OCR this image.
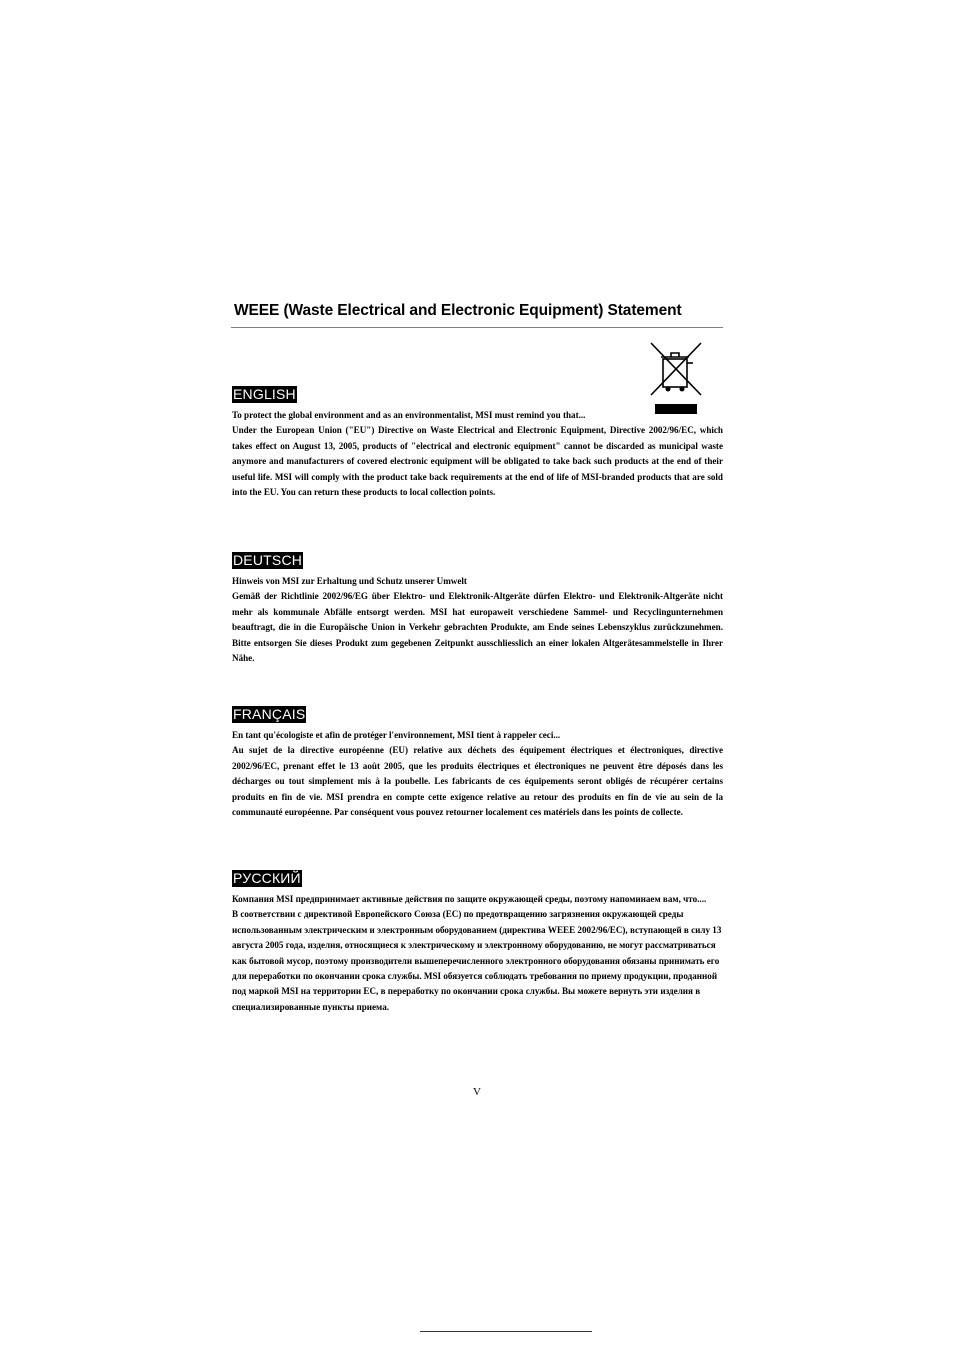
WEEE (Waste Electrical and Electronic Equipment) Statement
ENGLISH

To protect the global environment and as an environmentalist, MSI must remind you that...

Under the European Union ("EU") Directive on Waste Electrical and Electronic Equipment, Directive 2002/96/EC, which takes effect on August 13, 2005, products of "electrical and electronic equipment" cannot be discarded as municipal waste anymore and manufacturers of covered electronic equipment will be obligated to take back such products at the end of their useful life. MSI will comply with the product take back requirements at the end of life of MSI-branded products that are sold into the EU. You can return these products to local collection points.

DEUTSCH

Hinweis von MSI zur Erhaltung und Schutz unserer Umwelt

Gemäß der Richtlinie 2002/96/EG über Elektro- und Elektronik-Altgeräte dürfen Elektro- und Elektronik-Altgeräte nicht mehr als kommunale Abfälle entsorgt werden. MSI hat europaweit verschiedene Sammel- und Recyclingunternehmen beauftragt, die in die Europäische Union in Verkehr gebrachten Produkte, am Ende seines Lebenszyklus zurückzunehmen. Bitte entsorgen Sie dieses Produkt zum gegebenen Zeitpunkt ausschliesslich an einer lokalen Altgerätesammelstelle in Ihrer Nähe.

FRANÇAIS

En tant qu'écologiste et afin de protéger l'environnement, MSI tient à rappeler ceci...

Au sujet de la directive européenne (EU) relative aux déchets des équipement électriques et électroniques, directive 2002/96/EC, prenant effet le 13 août 2005, que les produits électriques et électroniques ne peuvent être déposés dans les décharges ou tout simplement mis à la poubelle. Les fabricants de ces équipements seront obligés de récupérer certains produits en fin de vie. MSI prendra en compte cette exigence relative au retour des produits en fin de vie au sein de la communauté européenne. Par conséquent vous pouvez retourner localement ces matériels dans les points de collecte.

РУССКИЙ

Компания MSI предпринимает активные действия по защите окружающей среды, поэтому напоминаем вам, что....

В соответствии с директивой Европейского Союза (ЕС) по предотвращению загрязнения окружающей среды использованным электрическим и электронным оборудованием (директива WEEE 2002/96/EC), вступающей в силу 13 августа 2005 года, изделия, относящиеся к электрическому и электронному оборудованию, не могут рассматриваться как бытовой мусор, поэтому производители вышеперечисленного электронного оборудования обязаны принимать его для переработки по окончании срока службы. MSI обязуется соблюдать требования по приему продукции, проданной под маркой MSI на территории ЕС, в переработку по окончании срока службы. Вы можете вернуть эти изделия в специализированные пункты приема.

V
